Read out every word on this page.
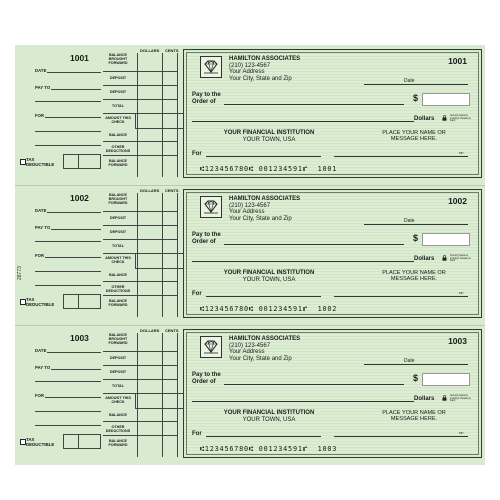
28773
1001
DATE
PAY TO
FOR
DOLLARS CENTS
BALANCE BROUGHT FORWARD
DEPOSIT
DEPOSIT
TOTAL
AMOUNT THIS CHECK
BALANCE
OTHER DEDUCTIONS
BALANCE FORWARD
TAX
DEDUCTIBLE
HAMILTON ASSOCIATES
(210) 123-4567
Your Address
Your City, State and Zip
1001
Date
Pay to the
Order of	$
Dollars
Security features included. Details on back.
YOUR FINANCIAL INSTITUTION
YOUR TOWN, USA
PLACE YOUR NAME OR
MESSAGE HERE.
For	MP
⑆123456780⑆ 001234591⑈ 1001
1002
DATE
PAY TO
FOR
DOLLARS CENTS
BALANCE BROUGHT FORWARD
DEPOSIT
DEPOSIT
TOTAL
AMOUNT THIS CHECK
BALANCE
OTHER DEDUCTIONS
BALANCE FORWARD
TAX
DEDUCTIBLE
HAMILTON ASSOCIATES
(210) 123-4567
Your Address
Your City, State and Zip
1002
Date
Pay to the
Order of	$
Dollars
Security features included. Details on back.
YOUR FINANCIAL INSTITUTION
YOUR TOWN, USA
PLACE YOUR NAME OR
MESSAGE HERE.
For	MP
⑆123456780⑆ 001234591⑈ 1002
1003
DATE
PAY TO
FOR
DOLLARS CENTS
BALANCE BROUGHT FORWARD
DEPOSIT
DEPOSIT
TOTAL
AMOUNT THIS CHECK
BALANCE
OTHER DEDUCTIONS
BALANCE FORWARD
TAX
DEDUCTIBLE
HAMILTON ASSOCIATES
(210) 123-4567
Your Address
Your City, State and Zip
1003
Date
Pay to the
Order of	$
Dollars
Security features included. Details on back.
YOUR FINANCIAL INSTITUTION
YOUR TOWN, USA
PLACE YOUR NAME OR
MESSAGE HERE.
For	MP
⑆123456780⑆ 001234591⑈ 1003
